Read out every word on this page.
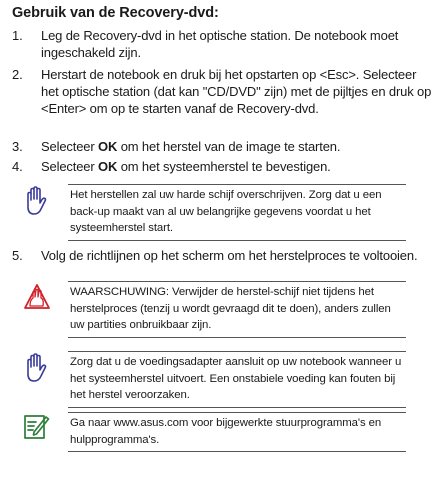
Gebruik van de Recovery-dvd:
1.	Leg de Recovery-dvd in het optische station. De notebook moet ingeschakeld zijn.
2.	Herstart de notebook en druk bij het opstarten op <Esc>. Selecteer het optische station (dat kan "CD/DVD" zijn) met de pijltjes en druk op <Enter> om op te starten vanaf de Recovery-dvd.
3.	Selecteer OK om het herstel van de image te starten.
4.	Selecteer OK om het systeemherstel te bevestigen.
Het herstellen zal uw harde schijf overschrijven. Zorg dat u een back-up maakt van al uw belangrijke gegevens voordat u het systeemherstel start.
5.	Volg de richtlijnen op het scherm om het herstelproces te voltooien.
WAARSCHUWING: Verwijder de herstel-schijf niet tijdens het herstelproces (tenzij u wordt gevraagd dit te doen), anders zullen uw partities onbruikbaar zijn.
Zorg dat u de voedingsadapter aansluit op uw notebook wanneer u het systeemherstel uitvoert. Een onstabiele voeding kan fouten bij het herstel veroorzaken.
Ga naar www.asus.com voor bijgewerkte stuurprogramma's en hulpprogramma's.
